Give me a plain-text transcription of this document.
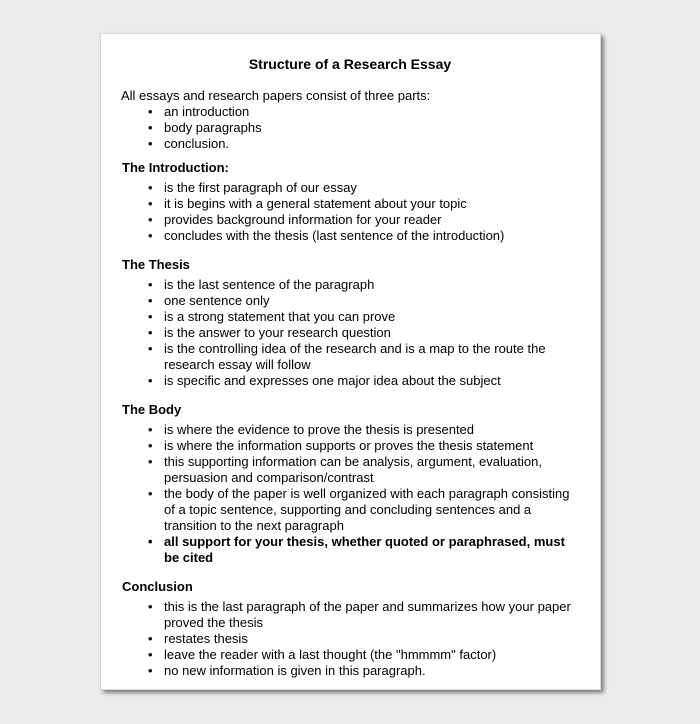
Structure of a Research Essay

All essays and research papers consist of three parts:

• an introduction
• body paragraphs
• conclusion.
The Introduction:
• is the first paragraph of our essay
• it is begins with a general statement about your topic
• provides background information for your reader
• concludes with the thesis (last sentence of the introduction)
The Thesis
• is the last sentence of the paragraph
• one sentence only
• is a strong statement that you can prove
• is the answer to your research question
• is the controlling idea of the research and is a map to the route the research essay will follow
• is specific and expresses one major idea about the subject
The Body
• is where the evidence to prove the thesis is presented
• is where the information supports or proves the thesis statement
• this supporting information can be analysis, argument, evaluation, persuasion and comparison/contrast
• the body of the paper is well organized with each paragraph consisting of a topic sentence, supporting and concluding sentences and a transition to the next paragraph
• all support for your thesis, whether quoted or paraphrased, must be cited
Conclusion
• this is the last paragraph of the paper and summarizes how your paper proved the thesis
• restates thesis
• leave the reader with a last thought (the "hmmmm" factor)
• no new information is given in this paragraph.
